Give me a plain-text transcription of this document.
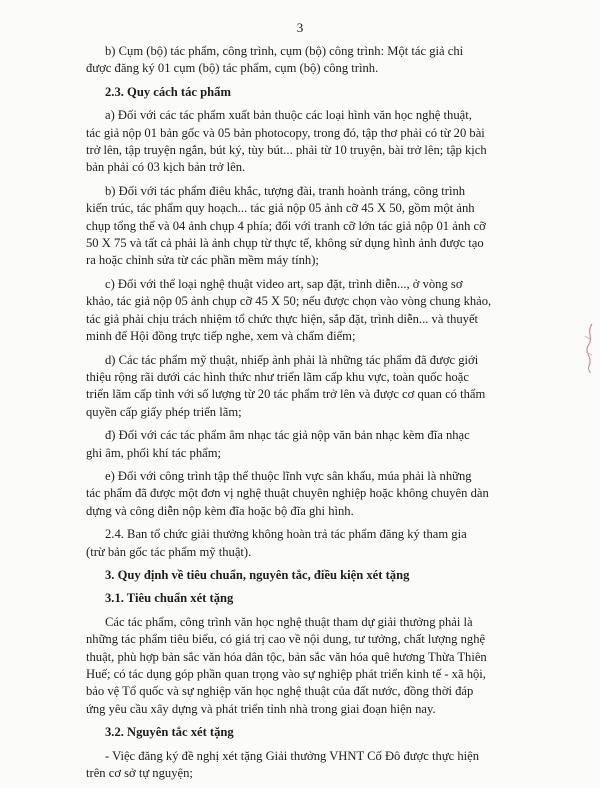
3
b) Cụm (bộ) tác phẩm, công trình, cụm (bộ) công trình: Một tác giả chỉ
được đăng ký 01 cụm (bộ) tác phẩm, cụm (bộ) công trình.
2.3. Quy cách tác phẩm
a) Đối với các tác phẩm xuất bản thuộc các loại hình văn học nghệ thuật,
tác giả nộp 01 bản gốc và 05 bản photocopy, trong đó, tập thơ phải có từ 20 bài
trở lên, tập truyện ngắn, bút ký, tùy bút... phải từ 10 truyện, bài trở lên; tập kịch
bản phải có 03 kịch bản trở lên.
b) Đối với tác phẩm điêu khắc, tượng đài, tranh hoành tráng, công trình
kiến trúc, tác phẩm quy hoạch... tác giả nộp 05 ảnh cỡ 45 X 50, gồm một ảnh
chụp tổng thể và 04 ảnh chụp 4 phía; đối với tranh cỡ lớn tác giả nộp 01 ảnh cỡ
50 X 75 và tất cả phải là ảnh chụp từ thực tế, không sử dụng hình ảnh được tạo
ra hoặc chỉnh sửa từ các phần mềm máy tính);
c) Đối với thể loại nghệ thuật video art, sap đặt, trình diễn..., ở vòng sơ
khảo, tác giả nộp 05 ảnh chụp cỡ 45 X 50; nếu được chọn vào vòng chung khảo,
tác giả phải chịu trách nhiệm tổ chức thực hiện, sắp đặt, trình diễn... và thuyết
minh để Hội đồng trực tiếp nghe, xem và chấm điểm;
d) Các tác phẩm mỹ thuật, nhiếp ảnh phải là những tác phẩm đã được giới
thiệu rộng rãi dưới các hình thức như triển lãm cấp khu vực, toàn quốc hoặc
triển lãm cấp tỉnh với số lượng từ 20 tác phẩm trở lên và được cơ quan có thẩm
quyền cấp giấy phép triển lãm;
đ) Đối với các tác phẩm âm nhạc tác giả nộp văn bản nhạc kèm đĩa nhạc
ghi âm, phối khí tác phẩm;
e) Đối với công trình tập thể thuộc lĩnh vực sân khấu, múa phải là những
tác phẩm đã được một đơn vị nghệ thuật chuyên nghiệp hoặc không chuyên dàn
dựng và công diễn nộp kèm đĩa hoặc bộ đĩa ghi hình.
2.4. Ban tổ chức giải thưởng không hoàn trả tác phẩm đăng ký tham gia
(trừ bản gốc tác phẩm mỹ thuật).
3. Quy định về tiêu chuẩn, nguyên tắc, điều kiện xét tặng
3.1. Tiêu chuẩn xét tặng
Các tác phẩm, công trình văn học nghệ thuật tham dự giải thưởng phải là
những tác phẩm tiêu biểu, có giá trị cao về nội dung, tư tưởng, chất lượng nghệ
thuật, phù hợp bản sắc văn hóa dân tộc, bản sắc văn hóa quê hương Thừa Thiên
Huế; có tác dụng góp phần quan trọng vào sự nghiệp phát triển kinh tế - xã hội,
bảo vệ Tổ quốc và sự nghiệp văn học nghệ thuật của đất nước, đồng thời đáp
ứng yêu cầu xây dựng và phát triển tỉnh nhà trong giai đoạn hiện nay.
3.2. Nguyên tắc xét tặng
- Việc đăng ký đề nghị xét tặng Giải thưởng VHNT Cố Đô được thực hiện
trên cơ sở tự nguyện;
